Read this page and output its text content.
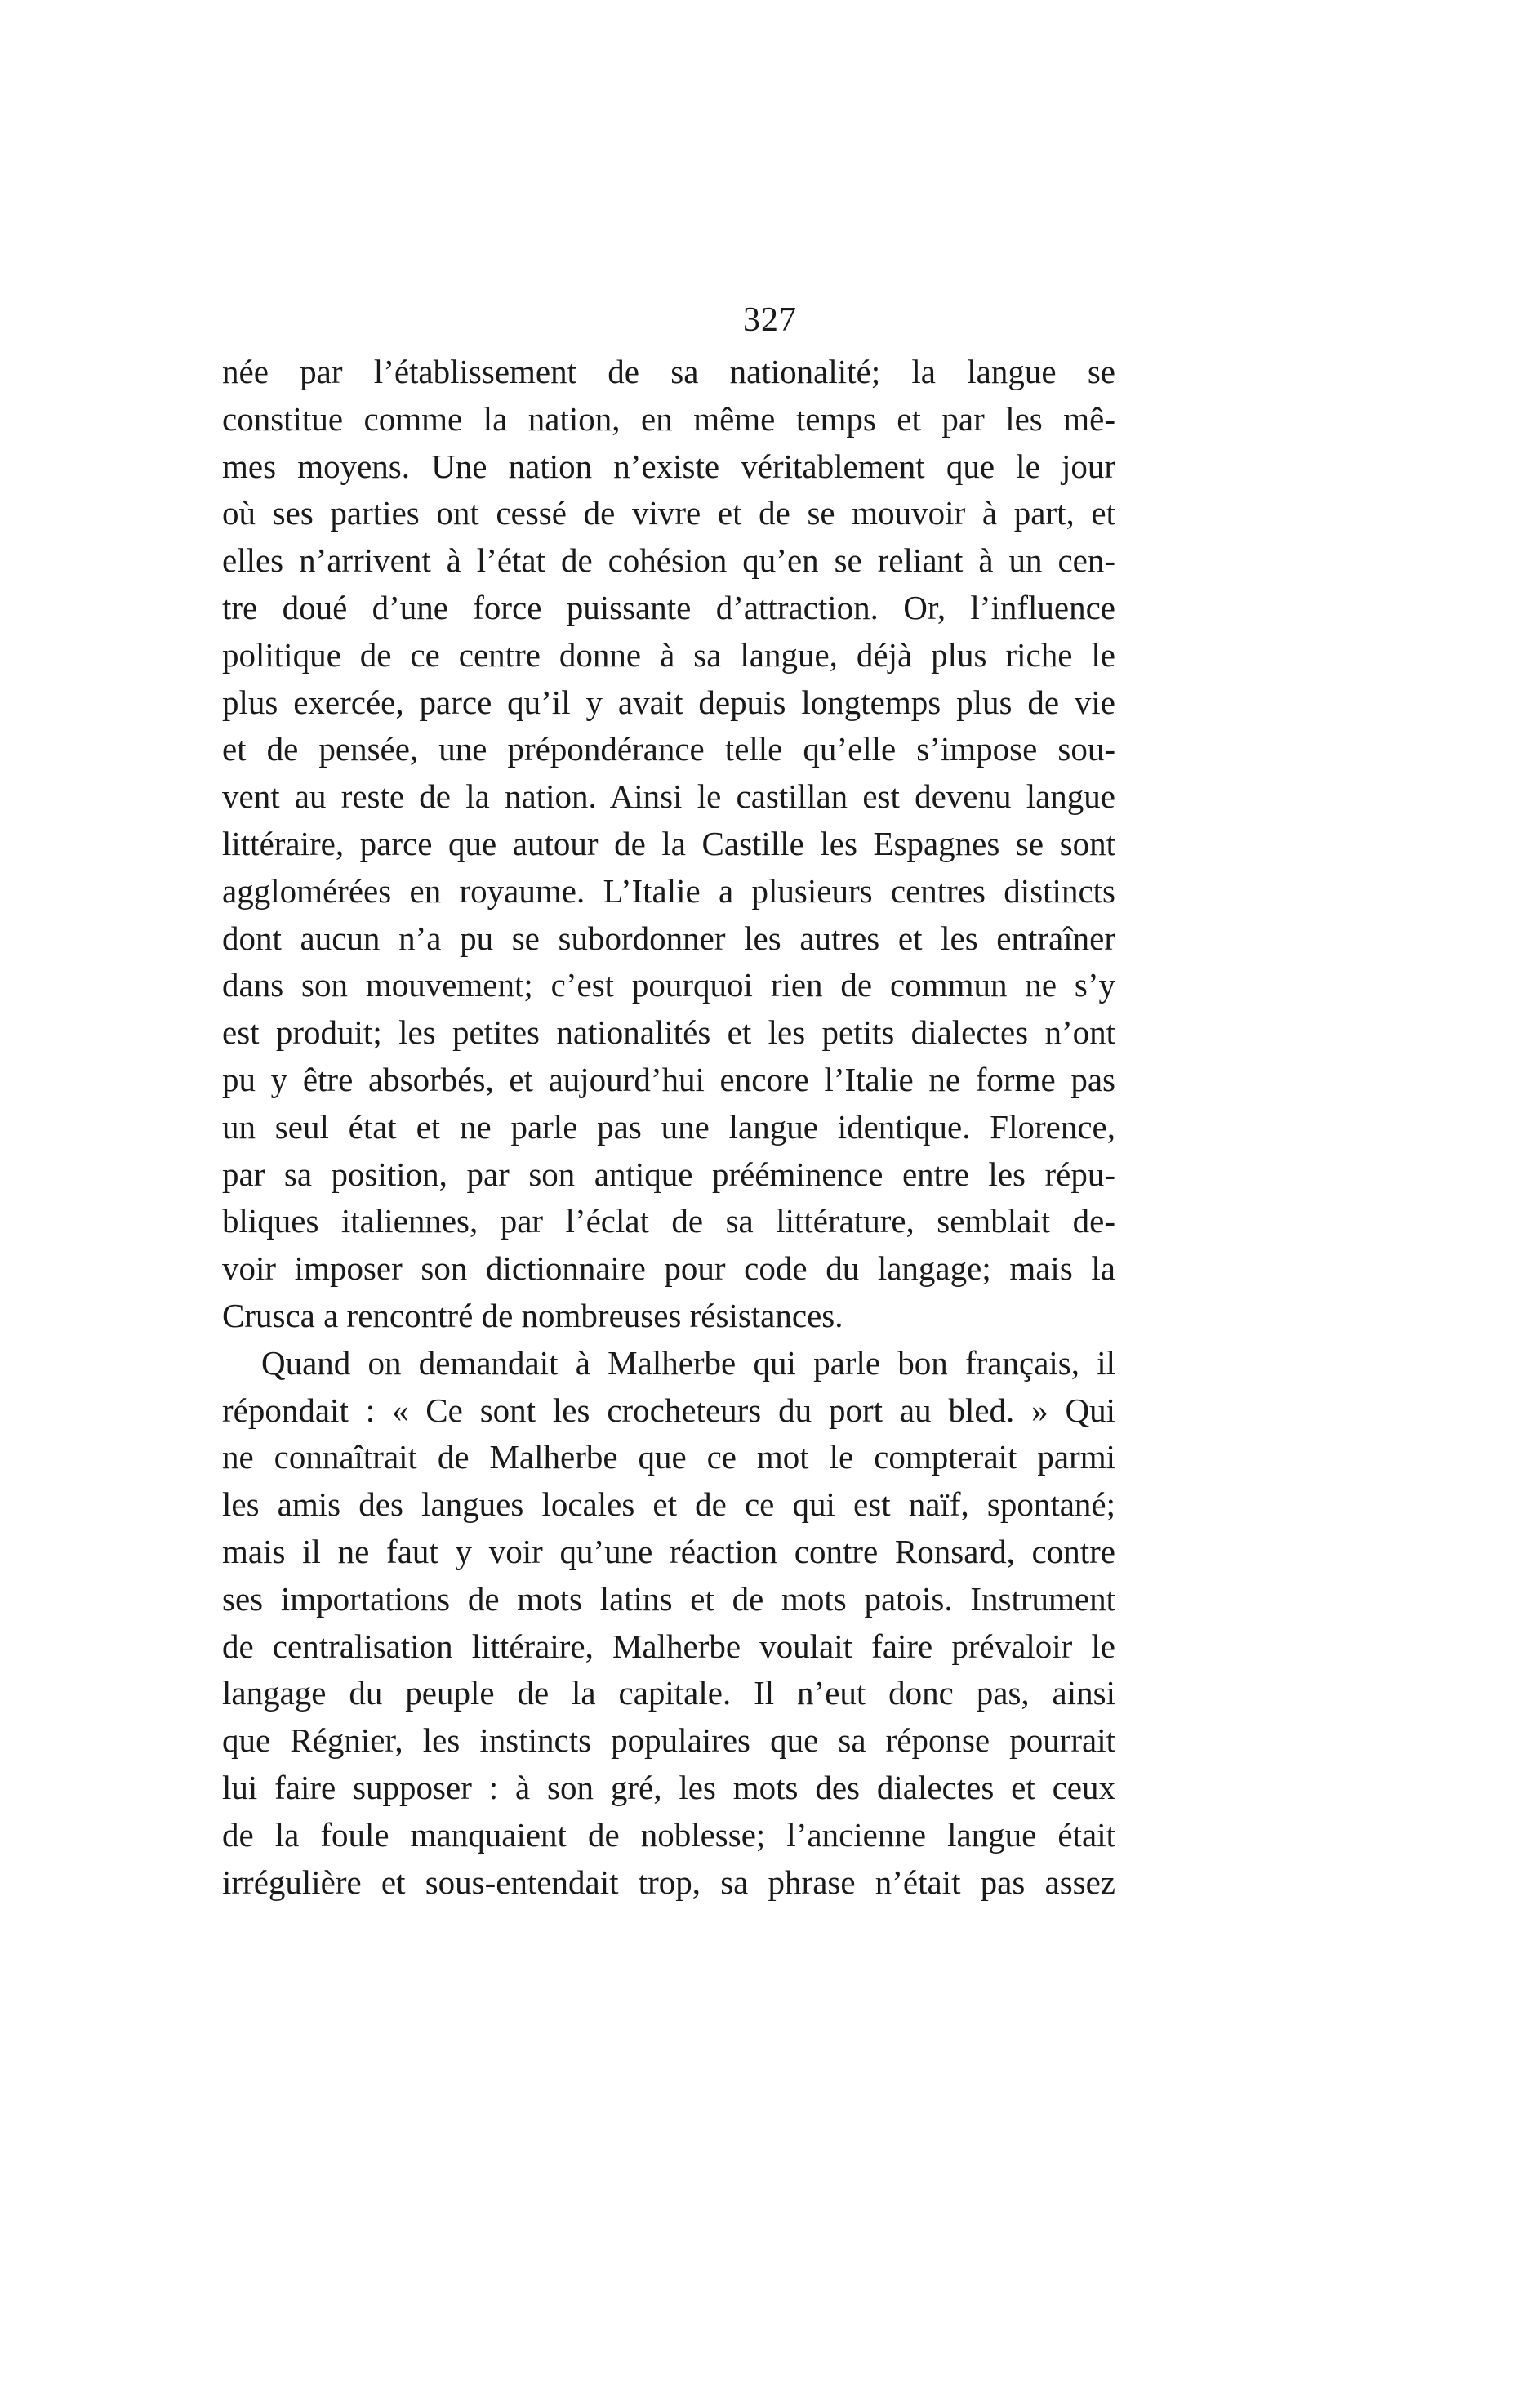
327
née par l’établissement de sa nationalité; la langue se
constitue comme la nation, en même temps et par les mê-
mes moyens. Une nation n’existe véritablement que le jour
où ses parties ont cessé de vivre et de se mouvoir à part, et
elles n’arrivent à l’état de cohésion qu’en se reliant à un cen-
tre doué d’une force puissante d’attraction. Or, l’influence
politique de ce centre donne à sa langue, déjà plus riche le
plus exercée, parce qu’il y avait depuis longtemps plus de vie
et de pensée, une prépondérance telle qu’elle s’impose sou-
vent au reste de la nation. Ainsi le castillan est devenu langue
littéraire, parce que autour de la Castille les Espagnes se sont
agglomérées en royaume. L’Italie a plusieurs centres distincts
dont aucun n’a pu se subordonner les autres et les entraîner
dans son mouvement; c’est pourquoi rien de commun ne s’y
est produit; les petites nationalités et les petits dialectes n’ont
pu y être absorbés, et aujourd’hui encore l’Italie ne forme pas
un seul état et ne parle pas une langue identique. Florence,
par sa position, par son antique prééminence entre les répu-
bliques italiennes, par l’éclat de sa littérature, semblait de-
voir imposer son dictionnaire pour code du langage; mais la
Crusca a rencontré de nombreuses résistances.
Quand on demandait à Malherbe qui parle bon français, il
répondait : « Ce sont les crocheteurs du port au bled. » Qui
ne connaîtrait de Malherbe que ce mot le compterait parmi
les amis des langues locales et de ce qui est naïf, spontané;
mais il ne faut y voir qu’une réaction contre Ronsard, contre
ses importations de mots latins et de mots patois. Instrument
de centralisation littéraire, Malherbe voulait faire prévaloir le
langage du peuple de la capitale. Il n’eut donc pas, ainsi
que Régnier, les instincts populaires que sa réponse pourrait
lui faire supposer : à son gré, les mots des dialectes et ceux
de la foule manquaient de noblesse; l’ancienne langue était
irrégulière et sous-entendait trop, sa phrase n’était pas assez
